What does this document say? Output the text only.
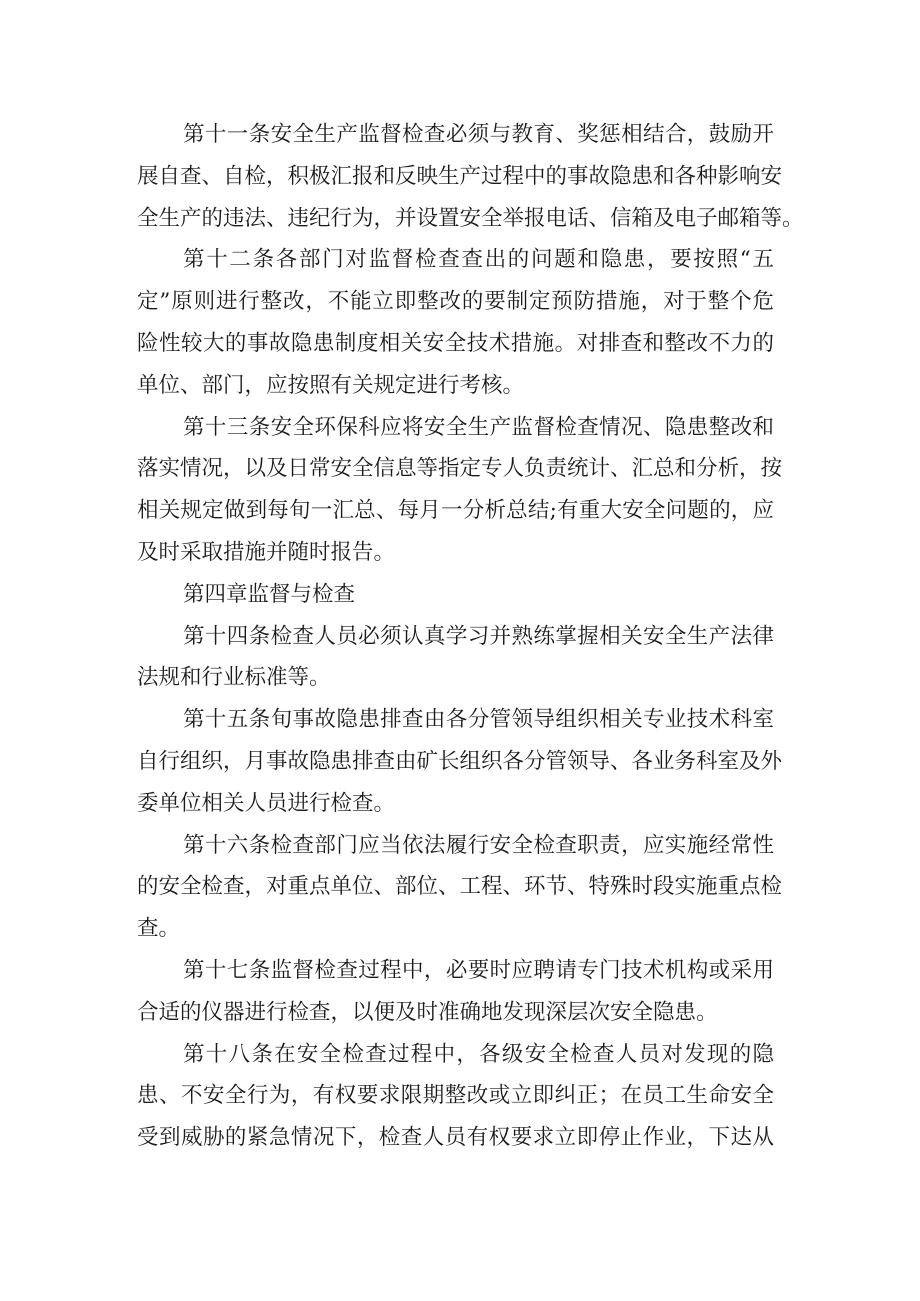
第十一条安全生产监督检查必须与教育、奖惩相结合，鼓励开
展自查、自检，积极汇报和反映生产过程中的事故隐患和各种影响安
全生产的违法、违纪行为，并设置安全举报电话、信箱及电子邮箱等。
第十二条各部门对监督检查查出的问题和隐患，要按照“五
定”原则进行整改，不能立即整改的要制定预防措施，对于整个危
险性较大的事故隐患制度相关安全技术措施。对排查和整改不力的
单位、部门，应按照有关规定进行考核。
第十三条安全环保科应将安全生产监督检查情况、隐患整改和
落实情况，以及日常安全信息等指定专人负责统计、汇总和分析，按
相关规定做到每旬一汇总、每月一分析总结;有重大安全问题的，应
及时采取措施并随时报告。
第四章监督与检查
第十四条检查人员必须认真学习并熟练掌握相关安全生产法律
法规和行业标准等。
第十五条旬事故隐患排查由各分管领导组织相关专业技术科室
自行组织，月事故隐患排查由矿长组织各分管领导、各业务科室及外
委单位相关人员进行检查。
第十六条检查部门应当依法履行安全检查职责，应实施经常性
的安全检查，对重点单位、部位、工程、环节、特殊时段实施重点检
查。
第十七条监督检查过程中，必要时应聘请专门技术机构或采用
合适的仪器进行检查，以便及时准确地发现深层次安全隐患。
第十八条在安全检查过程中，各级安全检查人员对发现的隐
患、不安全行为，有权要求限期整改或立即纠正；在员工生命安全
受到威胁的紧急情况下，检查人员有权要求立即停止作业，下达从
